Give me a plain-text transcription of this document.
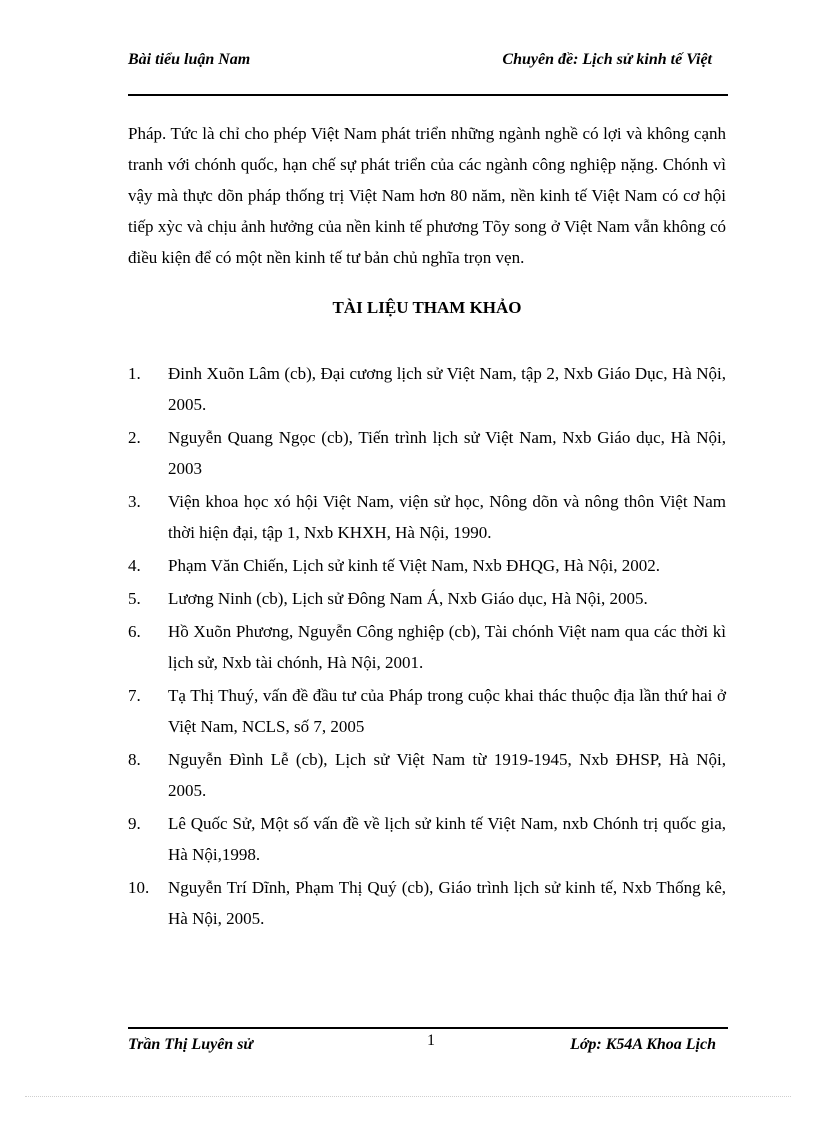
Bài tiểu luận Nam	Chuyên đề: Lịch sử kinh tế Việt

Pháp. Tức là chỉ cho phép Việt Nam phát triển những ngành nghề có lợi và không cạnh tranh với chónh quốc, hạn chế sự phát triển của các ngành công nghiệp nặng. Chónh vì vậy mà thực dõn pháp thống trị Việt Nam hơn 80 năm, nền kinh tế Việt Nam có cơ hội tiếp xỳc và chịu ảnh hưởng của nền kinh tế phương Tõy song ở Việt Nam vẫn không có điều kiện để có một nền kinh tế tư bản chủ nghĩa trọn vẹn.

TÀI LIỆU THAM KHẢO
1. Đinh Xuõn Lâm (cb), Đại cương lịch sử Việt Nam, tập 2, Nxb Giáo Dục, Hà Nội, 2005.
2. Nguyễn Quang Ngọc (cb), Tiến trình lịch sử Việt Nam, Nxb Giáo dục, Hà Nội, 2003
3. Viện khoa học xó hội Việt Nam, viện sử học, Nông dõn và nông thôn Việt Nam thời hiện đại, tập 1, Nxb KHXH, Hà Nội, 1990.
4. Phạm Văn Chiến, Lịch sử kinh tế Việt Nam, Nxb ĐHQG, Hà Nội, 2002.
5. Lương Ninh (cb), Lịch sử Đông Nam Á, Nxb Giáo dục, Hà Nội, 2005.
6. Hồ Xuõn Phương, Nguyễn Công nghiệp (cb), Tài chónh Việt nam qua các thời kì lịch sử, Nxb tài chónh, Hà Nội, 2001.
7. Tạ Thị Thuý, vấn đề đầu tư của Pháp trong cuộc khai thác thuộc địa lần thứ hai ở Việt Nam, NCLS, số 7, 2005
8. Nguyễn Đình Lễ (cb), Lịch sử Việt Nam từ 1919-1945, Nxb ĐHSP, Hà Nội, 2005.
9. Lê Quốc Sử, Một số vấn đề về lịch sử kinh tế Việt Nam, nxb Chónh trị quốc gia, Hà Nội,1998.
10. Nguyễn Trí Dĩnh, Phạm Thị Quý (cb), Giáo trình lịch sử kinh tế, Nxb Thống kê, Hà Nội, 2005.
Trần Thị Luyên sử	1	Lớp: K54A Khoa Lịch
